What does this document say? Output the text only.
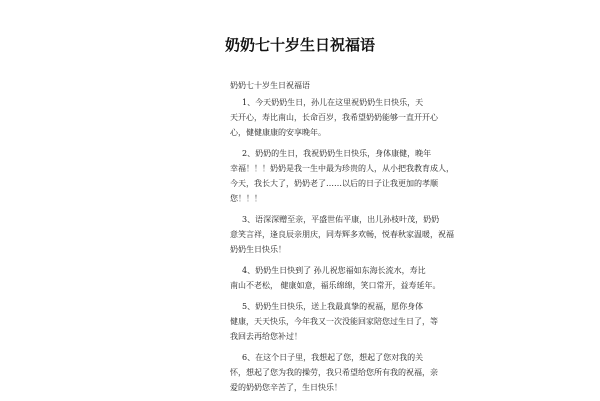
奶奶七十岁生日祝福语
奶奶七十岁生日祝福语
1、今天奶奶生日，孙儿在这里祝奶奶生日快乐，天
天开心，寿比南山，长命百岁，我希望奶奶能够一直开开心
心，健健康康的安享晚年。
2、奶奶的生日，我祝奶奶生日快乐，身体康健，晚年
幸福！！！奶奶是我一生中最为珍贵的人，从小把我教育成人，
今天，我长大了，奶奶老了……以后的日子让我更加的孝顺
您！！！
3、语深深赠至亲，平盛世佑平康，出儿孙枝叶茂，奶奶
意笑言祥，逢良辰亲朋庆，同寿辉多欢畅，悦春秋家温暖，祝福
奶奶生日快乐！
4、奶奶生日快到了 孙儿祝您福如东海长流水，寿比
南山不老松， 健康如意，福乐绵绵，笑口常开，益寿延年。
5、奶奶生日快乐，送上我最真挚的祝福，愿你身体
健康，天天快乐，今年我又一次没能回家陪您过生日了，等
我回去再给您补过！
6、在这个日子里，我想起了您，想起了您对我的关
怀，想起了您为我的操劳，我只希望给您所有我的祝福，亲
爱的奶奶您辛苦了，生日快乐！
